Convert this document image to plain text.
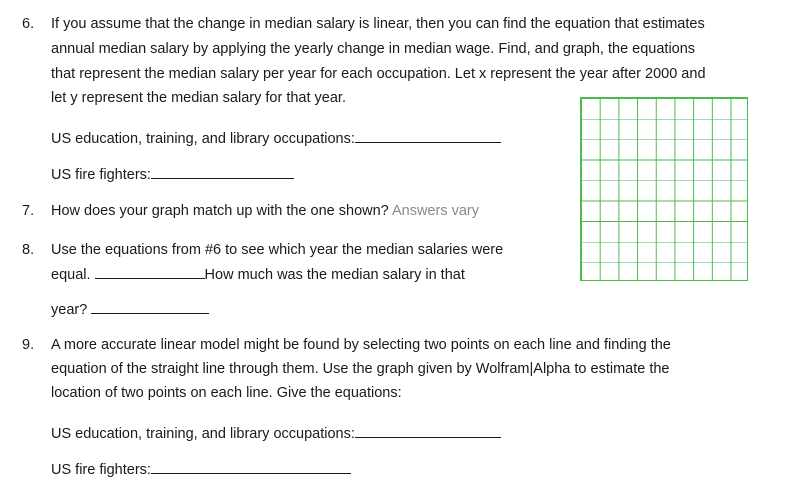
6. If you assume that the change in median salary is linear, then you can find the equation that estimates
annual median salary by applying the yearly change in median wage. Find, and graph, the equations
that represent the median salary per year for each occupation. Let x represent the year after 2000 and
let y represent the median salary for that year.
US education, training, and library occupations:
US fire fighters:
7. How does your graph match up with the one shown? Answers vary
8. Use the equations from #6 to see which year the median salaries were
equal.	How much was the median salary in that
year?
9. A more accurate linear model might be found by selecting two points on each line and finding the
equation of the straight line through them. Use the graph given by Wolfram|Alpha to estimate the
location of two points on each line. Give the equations:
US education, training, and library occupations:
US fire fighters:
